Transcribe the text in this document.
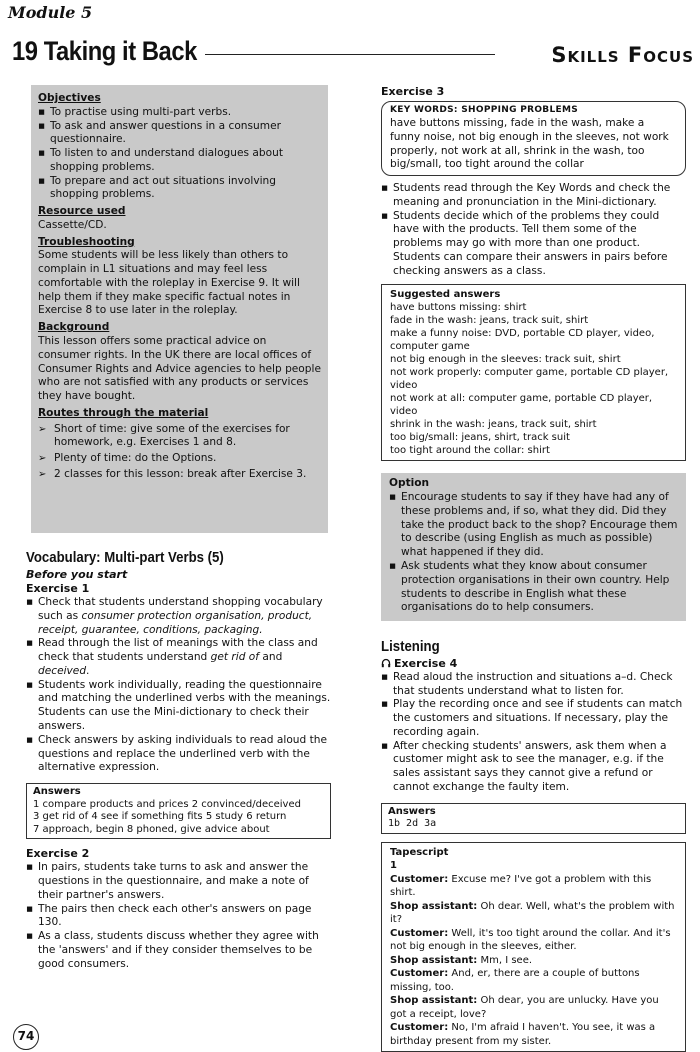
Module 5
19 Taking it Back	Skills Focus
Objectives
▪ To practise using multi-part verbs.
▪ To ask and answer questions in a consumer questionnaire.
▪ To listen to and understand dialogues about shopping problems.
▪ To prepare and act out situations involving shopping problems.
Resource used

Cassette/CD.

Troubleshooting

Some students will be less likely than others to complain in L1 situations and may feel less comfortable with the roleplay in Exercise 9. It will help them if they make specific factual notes in Exercise 8 to use later in the roleplay.

Background

This lesson offers some practical advice on consumer rights. In the UK there are local offices of Consumer Rights and Advice agencies to help people who are not satisfied with any products or services they have bought.

Routes through the material
➢ Short of time: give some of the exercises for homework, e.g. Exercises 1 and 8.
➢ Plenty of time: do the Options.
➢ 2 classes for this lesson: break after Exercise 3.
Vocabulary: Multi-part Verbs (5)
Before you start
Exercise 1
▪ Check that students understand shopping vocabulary such as consumer protection organisation, product, receipt, guarantee, conditions, packaging.
▪ Read through the list of meanings with the class and check that students understand get rid of and deceived.
▪ Students work individually, reading the questionnaire and matching the underlined verbs with the meanings. Students can use the Mini-dictionary to check their answers.
▪ Check answers by asking individuals to read aloud the questions and replace the underlined verb with the alternative expression.
Answers
1 compare products and prices 2 convinced/deceived
3 get rid of 4 see if something fits 5 study 6 return
7 approach, begin 8 phoned, give advice about
Exercise 2
▪ In pairs, students take turns to ask and answer the questions in the questionnaire, and make a note of their partner's answers.
▪ The pairs then check each other's answers on page 130.
▪ As a class, students discuss whether they agree with the 'answers' and if they consider themselves to be good consumers.
Exercise 3
KEY WORDS: SHOPPING PROBLEMS
have buttons missing, fade in the wash, make a funny noise, not big enough in the sleeves, not work properly, not work at all, shrink in the wash, too big/small, too tight around the collar
▪ Students read through the Key Words and check the meaning and pronunciation in the Mini-dictionary.
▪ Students decide which of the problems they could have with the products. Tell them some of the problems may go with more than one product. Students can compare their answers in pairs before checking answers as a class.
Suggested answers
have buttons missing: shirt
fade in the wash: jeans, track suit, shirt
make a funny noise: DVD, portable CD player, video, computer game
not big enough in the sleeves: track suit, shirt
not work properly: computer game, portable CD player, video
not work at all: computer game, portable CD player, video
shrink in the wash: jeans, track suit, shirt
too big/small: jeans, shirt, track suit
too tight around the collar: shirt
Option
▪ Encourage students to say if they have had any of these problems and, if so, what they did. Did they take the product back to the shop? Encourage them to describe (using English as much as possible) what happened if they did.
▪ Ask students what they know about consumer protection organisations in their own country. Help students to describe in English what these organisations do to help consumers.
Listening
Exercise 4
▪ Read aloud the instruction and situations a–d. Check that students understand what to listen for.
▪ Play the recording once and see if students can match the customers and situations. If necessary, play the recording again.
▪ After checking students' answers, ask them when a customer might ask to see the manager, e.g. if the sales assistant says they cannot give a refund or cannot exchange the faulty item.
Answers
1b 2d 3a
Tapescript
1
Customer: Excuse me? I've got a problem with this shirt.
Shop assistant: Oh dear. Well, what's the problem with it?
Customer: Well, it's too tight around the collar. And it's not big enough in the sleeves, either.
Shop assistant: Mm, I see.
Customer: And, er, there are a couple of buttons missing, too.
Shop assistant: Oh dear, you are unlucky. Have you got a receipt, love?
Customer: No, I'm afraid I haven't. You see, it was a birthday present from my sister.
74
